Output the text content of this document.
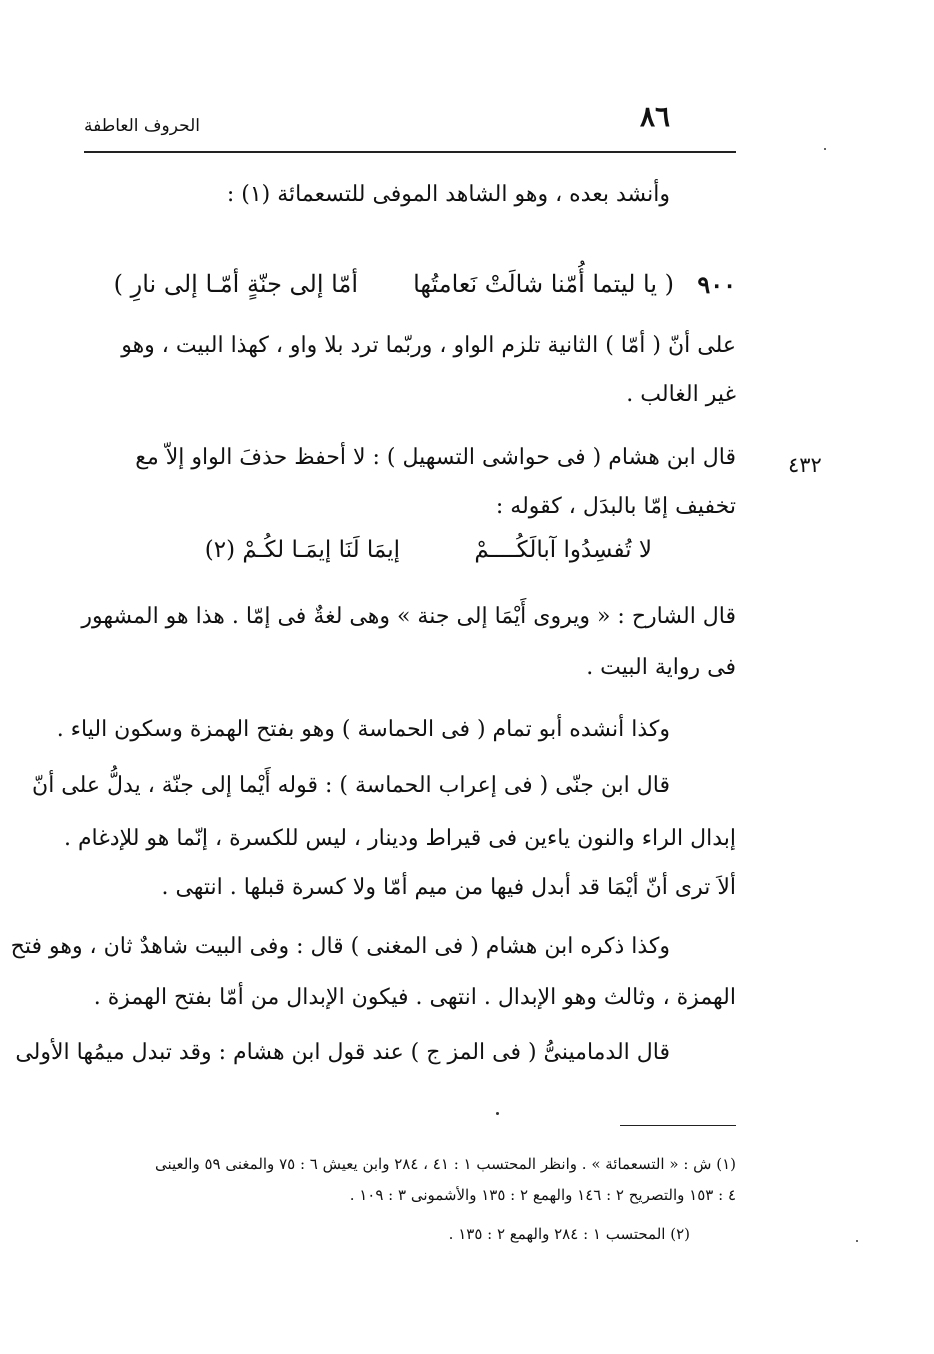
٨٦
الحروف العاطفة
وأنشد بعده ، وهو الشاهد الموفى للتسعمائة (١) :
٩٠٠
( يا ليتما أُمّنا شالَتْ نَعامتُها
أمّا إلى جنّةٍ أمّـا إلى نارِ )
على أنّ ( أمّا ) الثانية تلزم الواو ، وربّما ترد بلا واو ، كهذا البيت ، وهو
غير الغالب .
٤٣٢
قال ابن هشام ( فى حواشى التسهيل ) : لا أحفظ حذفَ الواو إلاّ مع
تخفيف إمّا بالبدَل ، كقوله :
لا تُفسِدُوا آبالَكُــــمْ
إيمَا لَنَا إيمَـا لكُـمْ (٢)
قال الشارح : « ويروى أَيْمَا إلى جنة » وهى لغةٌ فى إمّا . هذا هو المشهور
فى رواية البيت .
وكذا أنشده أبو تمام ( فى الحماسة ) وهو بفتح الهمزة وسكون الياء .
قال ابن جنّى ( فى إعراب الحماسة ) : قوله أَيْما إلى جنّة ، يدلُّ على أنّ
إبدال الراء والنون ياءين فى قيراط ودينار ، ليس للكسرة ، إنّما هو للإدغام .
ألاَ ترى أنّ أيْمَا قد أبدل فيها من ميم أمّا ولا كسرة قبلها . انتهى .
وكذا ذكره ابن هشام ( فى المغنى ) قال : وفى البيت شاهدٌ ثان ، وهو فتح
الهمزة ، وثالث وهو الإبدال . انتهى . فيكون الإبدال من أمّا بفتح الهمزة .
قال الدمامينىُّ ( فى المز ج ) عند قول ابن هشام : وقد تبدل ميمُها الأولى
(١) ش : « التسعمائة » . وانظر المحتسب ١ : ٤١ ، ٢٨٤ وابن يعيش ٦ : ٧٥ والمغنى ٥٩ والعينى
٤ : ١٥٣ والتصريح ٢ : ١٤٦ والهمع ٢ : ١٣٥ والأشمونى ٣ : ١٠٩ .
(٢) المحتسب ١ : ٢٨٤ والهمع ٢ : ١٣٥ .
